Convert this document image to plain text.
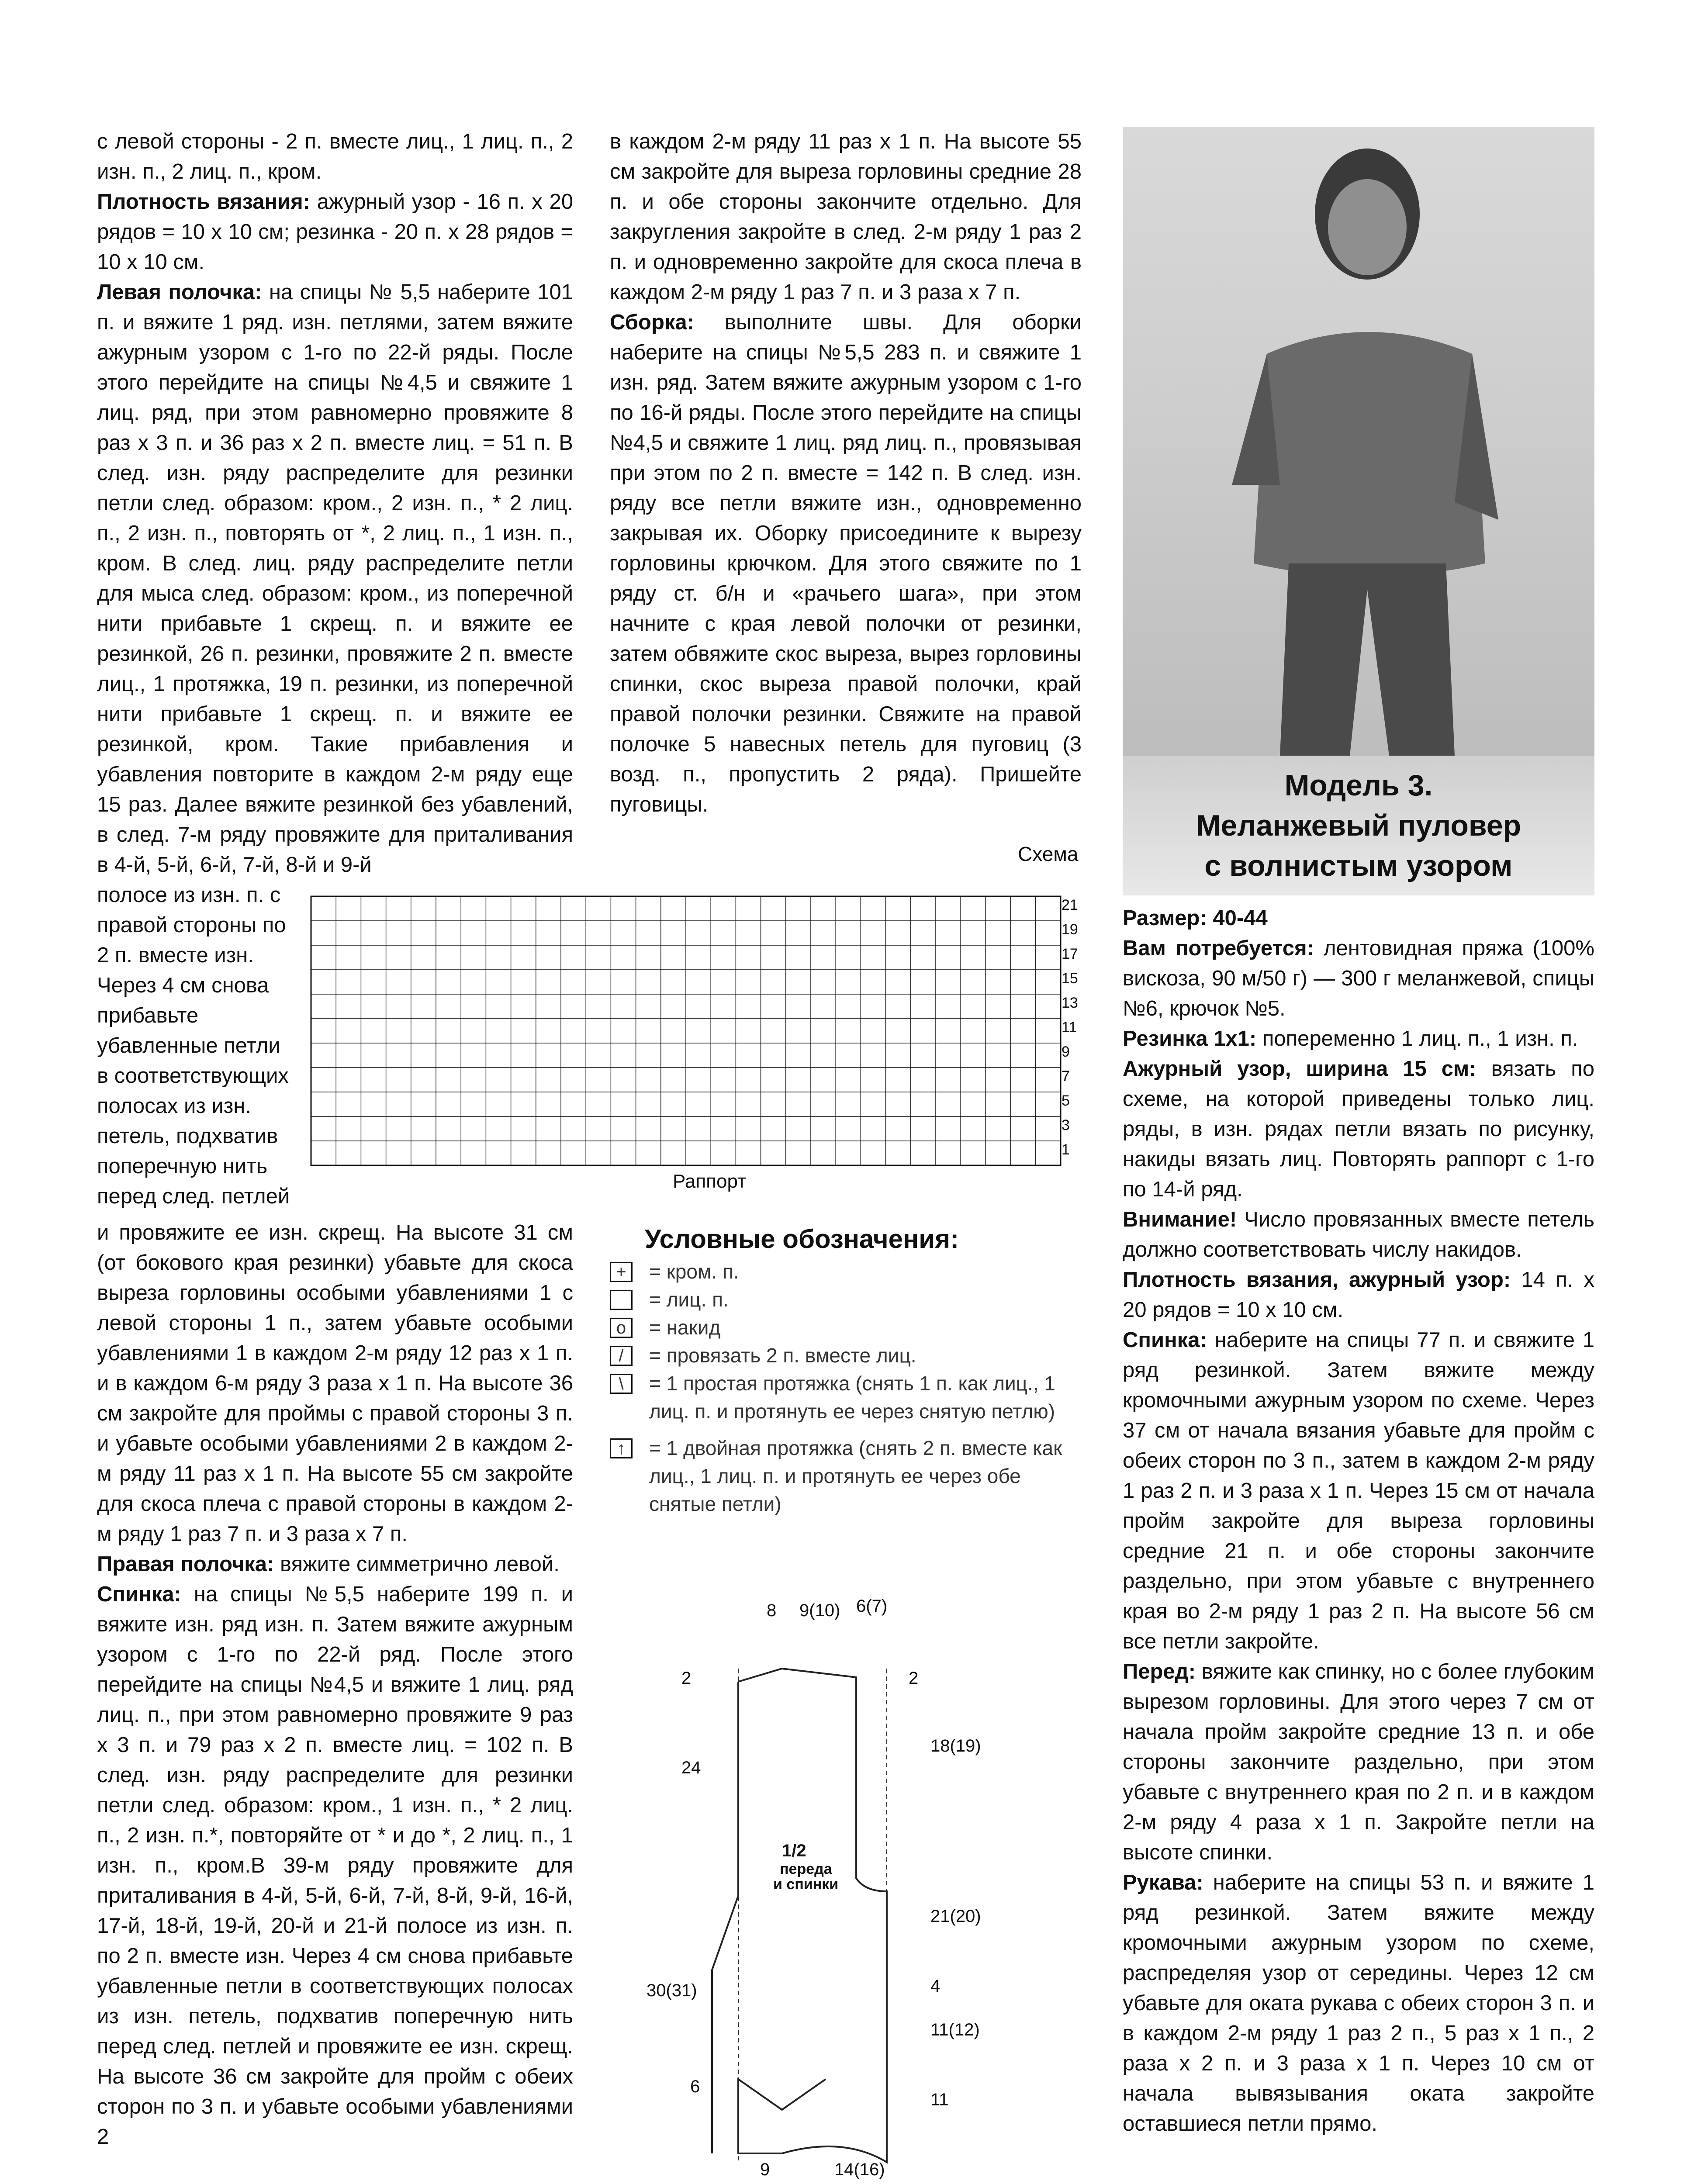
с левой стороны - 2 п. вместе лиц., 1 лиц. п., 2 изн. п., 2 лиц. п., кром.

Плотность вязания: ажурный узор - 16 п. х 20 рядов = 10 х 10 см; резинка - 20 п. х 28 рядов = 10 х 10 см.

Левая полочка: на спицы № 5,5 наберите 101 п. и вяжите 1 ряд. изн. петлями, затем вяжите ажурным узором с 1-го по 22-й ряды. После этого перейдите на спицы №4,5 и свяжите 1 лиц. ряд, при этом равномерно провяжите 8 раз х 3 п. и 36 раз х 2 п. вместе лиц. = 51 п. В след. изн. ряду распределите для резинки петли след. образом: кром., 2 изн. п., * 2 лиц. п., 2 изн. п., повторять от *, 2 лиц. п., 1 изн. п., кром. В след. лиц. ряду распределите петли для мыса след. образом: кром., из поперечной нити прибавьте 1 скрещ. п. и вяжите ее резинкой, 26 п. резинки, провяжите 2 п. вместе лиц., 1 протяжка, 19 п. резинки, из поперечной нити прибавьте 1 скрещ. п. и вяжите ее резинкой, кром. Такие прибавления и убавления повторите в каждом 2-м ряду еще 15 раз. Далее вяжите резинкой без убавлений, в след. 7-м ряду провяжите для приталивания в 4-й, 5-й, 6-й, 7-й, 8-й и 9-й

полосе из изн. п. с правой стороны по 2 п. вместе изн. Через 4 см снова прибавьте убавленные петли в соответствующих полосах из изн. петель, подхватив поперечную нить перед след. петлей

и провяжите ее изн. скрещ. На высоте 31 см (от бокового края резинки) убавьте для скоса выреза горловины особыми убавлениями 1 с левой стороны 1 п., затем убавьте особыми убавлениями 1 в каждом 2-м ряду 12 раз х 1 п. и в каждом 6-м ряду 3 раза х 1 п. На высоте 36 см закройте для проймы с правой стороны 3 п. и убавьте особыми убавлениями 2 в каждом 2-м ряду 11 раз х 1 п. На высоте 55 см закройте для скоса плеча с правой стороны в каждом 2-м ряду 1 раз 7 п. и 3 раза х 7 п.

Правая полочка: вяжите симметрично левой.

Спинка: на спицы №5,5 наберите 199 п. и вяжите изн. ряд изн. п. Затем вяжите ажурным узором с 1-го по 22-й ряд. После этого перейдите на спицы №4,5 и вяжите 1 лиц. ряд лиц. п., при этом равномерно провяжите 9 раз х 3 п. и 79 раз х 2 п. вместе лиц. = 102 п. В след. изн. ряду распределите для резинки петли след. образом: кром., 1 изн. п., * 2 лиц. п., 2 изн. п.*, повторяйте от * и до *, 2 лиц. п., 1 изн. п., кром.В 39-м ряду провяжите для приталивания в 4-й, 5-й, 6-й, 7-й, 8-й, 9-й, 16-й, 17-й, 18-й, 19-й, 20-й и 21-й полосе из изн. п. по 2 п. вместе изн. Через 4 см снова прибавьте убавленные петли в соответствующих полосах из изн. петель, подхватив поперечную нить перед след. петлей и провяжите ее изн. скрещ. На высоте 36 см закройте для пройм с обеих сторон по 3 п. и убавьте особыми убавлениями 2

в каждом 2-м ряду 11 раз х 1 п. На высоте 55 см закройте для выреза горловины средние 28 п. и обе стороны закончите отдельно. Для закругления закройте в след. 2-м ряду 1 раз 2 п. и одновременно закройте для скоса плеча в каждом 2-м ряду 1 раз 7 п. и 3 раза х 7 п.

Сборка: выполните швы. Для оборки наберите на спицы №5,5 283 п. и свяжите 1 изн. ряд. Затем вяжите ажурным узором с 1-го по 16-й ряды. После этого перейдите на спицы №4,5 и свяжите 1 лиц. ряд лиц. п., провязывая при этом по 2 п. вместе = 142 п. В след. изн. ряду все петли вяжите изн., одновременно закрывая их. Оборку присоедините к вырезу горловины крючком. Для этого свяжите по 1 ряду ст. б/н и «рачьего шага», при этом начните с края левой полочки от резинки, затем обвяжите скос выреза, вырез горловины спинки, скос выреза правой полочки, край правой полочки резинки. Свяжите на правой полочке 5 навесных петель для пуговиц (3 возд. п., пропустить 2 ряда). Пришейте пуговицы.

Схема
21
19
17
15
13
11
9
7
5
3
1
Раппорт
Условные обозначения:
+	= кром. п.
= лиц. п.
o	= накид
/	= провязать 2 п. вместе лиц.
\	= 1 простая протяжка (снять 1 п. как лиц., 1 лиц. п. и протянуть ее через снятую петлю)
↑	= 1 двойная протяжка (снять 2 п. вместе как лиц., 1 лиц. п. и протянуть ее через обе снятые петли)
8 9(10) 6(7)
2	2
24
18(19)
21(20)
30(31)	4
11(12)
6
11
9	14(16)
1/2
переда
и спинки
Модель 3.
Меланжевый пуловер
с волнистым узором

Размер: 40-44

Вам потребуется: лентовидная пряжа (100% вискоза, 90 м/50 г) — 300 г меланжевой, спицы №6, крючок №5.

Резинка 1х1: попеременно 1 лиц. п., 1 изн. п.

Ажурный узор, ширина 15 см: вязать по схеме, на которой приведены только лиц. ряды, в изн. рядах петли вязать по рисунку, накиды вязать лиц. Повторять раппорт с 1-го по 14-й ряд.

Внимание! Число провязанных вместе петель должно соответствовать числу накидов.

Плотность вязания, ажурный узор: 14 п. х 20 рядов = 10 х 10 см.

Спинка: наберите на спицы 77 п. и свяжите 1 ряд резинкой. Затем вяжите между кромочными ажурным узором по схеме. Через 37 см от начала вязания убавьте для пройм с обеих сторон по 3 п., затем в каждом 2-м ряду 1 раз 2 п. и 3 раза х 1 п. Через 15 см от начала пройм закройте для выреза горловины средние 21 п. и обе стороны закончите раздельно, при этом убавьте с внутреннего края во 2-м ряду 1 раз 2 п. На высоте 56 см все петли закройте.

Перед: вяжите как спинку, но с более глубоким вырезом горловины. Для этого через 7 см от начала пройм закройте средние 13 п. и обе стороны закончите раздельно, при этом убавьте с внутреннего края по 2 п. и в каждом 2-м ряду 4 раза х 1 п. Закройте петли на высоте спинки.

Рукава: наберите на спицы 53 п. и вяжите 1 ряд резинкой. Затем вяжите между кромочными ажурным узором по схеме, распределяя узор от середины. Через 12 см убавьте для оката рукава с обеих сторон 3 п. и в каждом 2-м ряду 1 раз 2 п., 5 раз х 1 п., 2 раза х 2 п. и 3 раза х 1 п. Через 10 см от начала вывязывания оката закройте оставшиеся петли прямо.
